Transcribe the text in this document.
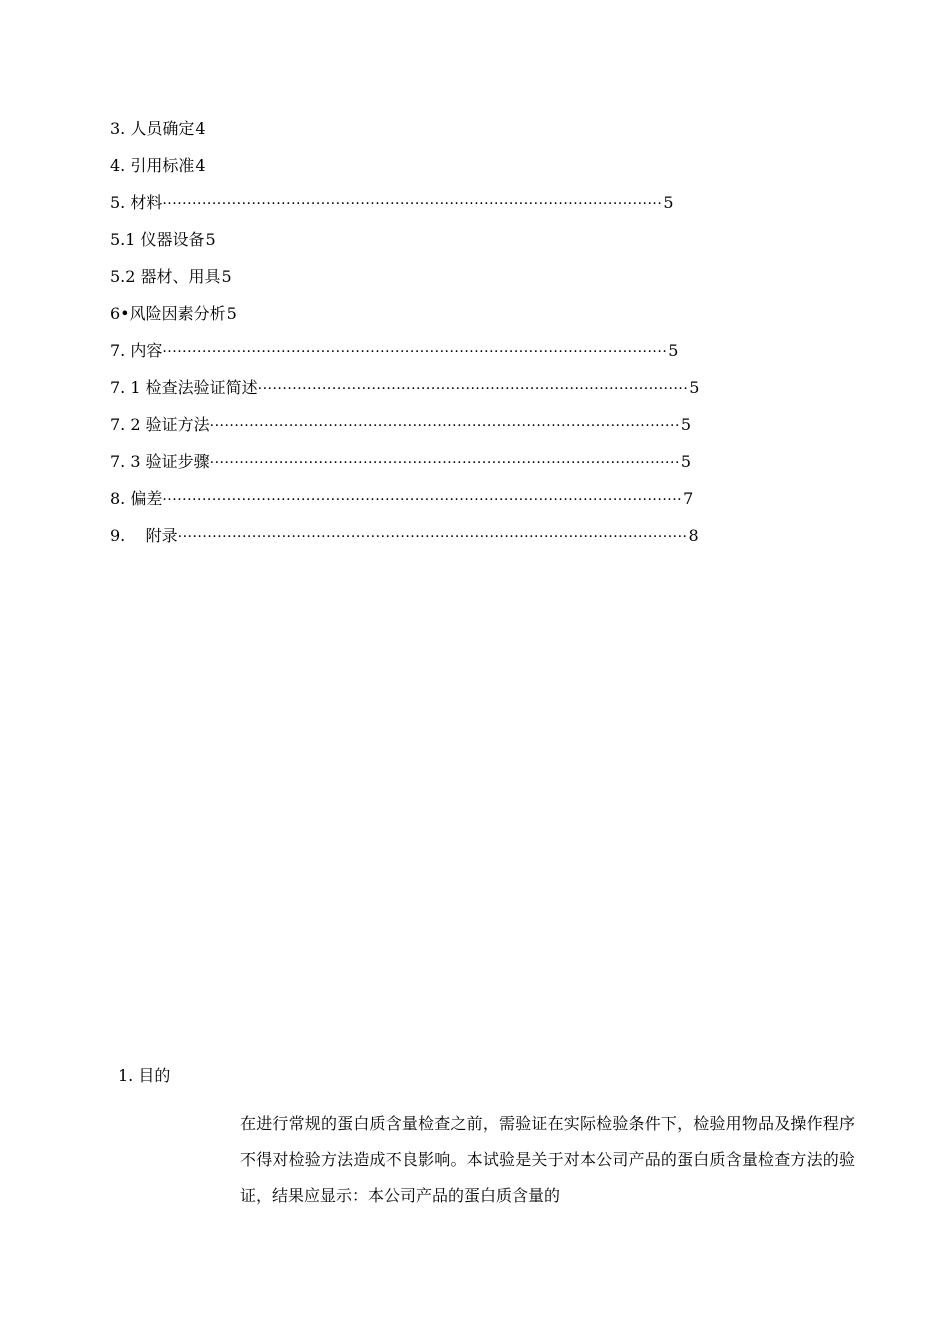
3. 人员确定 4
4. 引用标准 4
5. 材料 ····································································································· 5
5.1 仪器设备 5
5.2 器材、用具 5
6•风险因素分析 5
7. 内容 ······································································································ 5
7. 1 检查法验证简述 ······················································································· 5
7. 2 验证方法 ······························································································· 5
7. 3 验证步骤 ······························································································· 5
8. 偏差 ········································································································· 7
9.    附录 ······································································································· 8
1. 目的
在进行常规的蛋白质含量检查之前，需验证在实际检验条件下，检验用物品及操作程序不得对检验方法造成不良影响。本试验是关于对本公司产品的蛋白质含量检查方法的验证，结果应显示：本公司产品的蛋白质含量的
